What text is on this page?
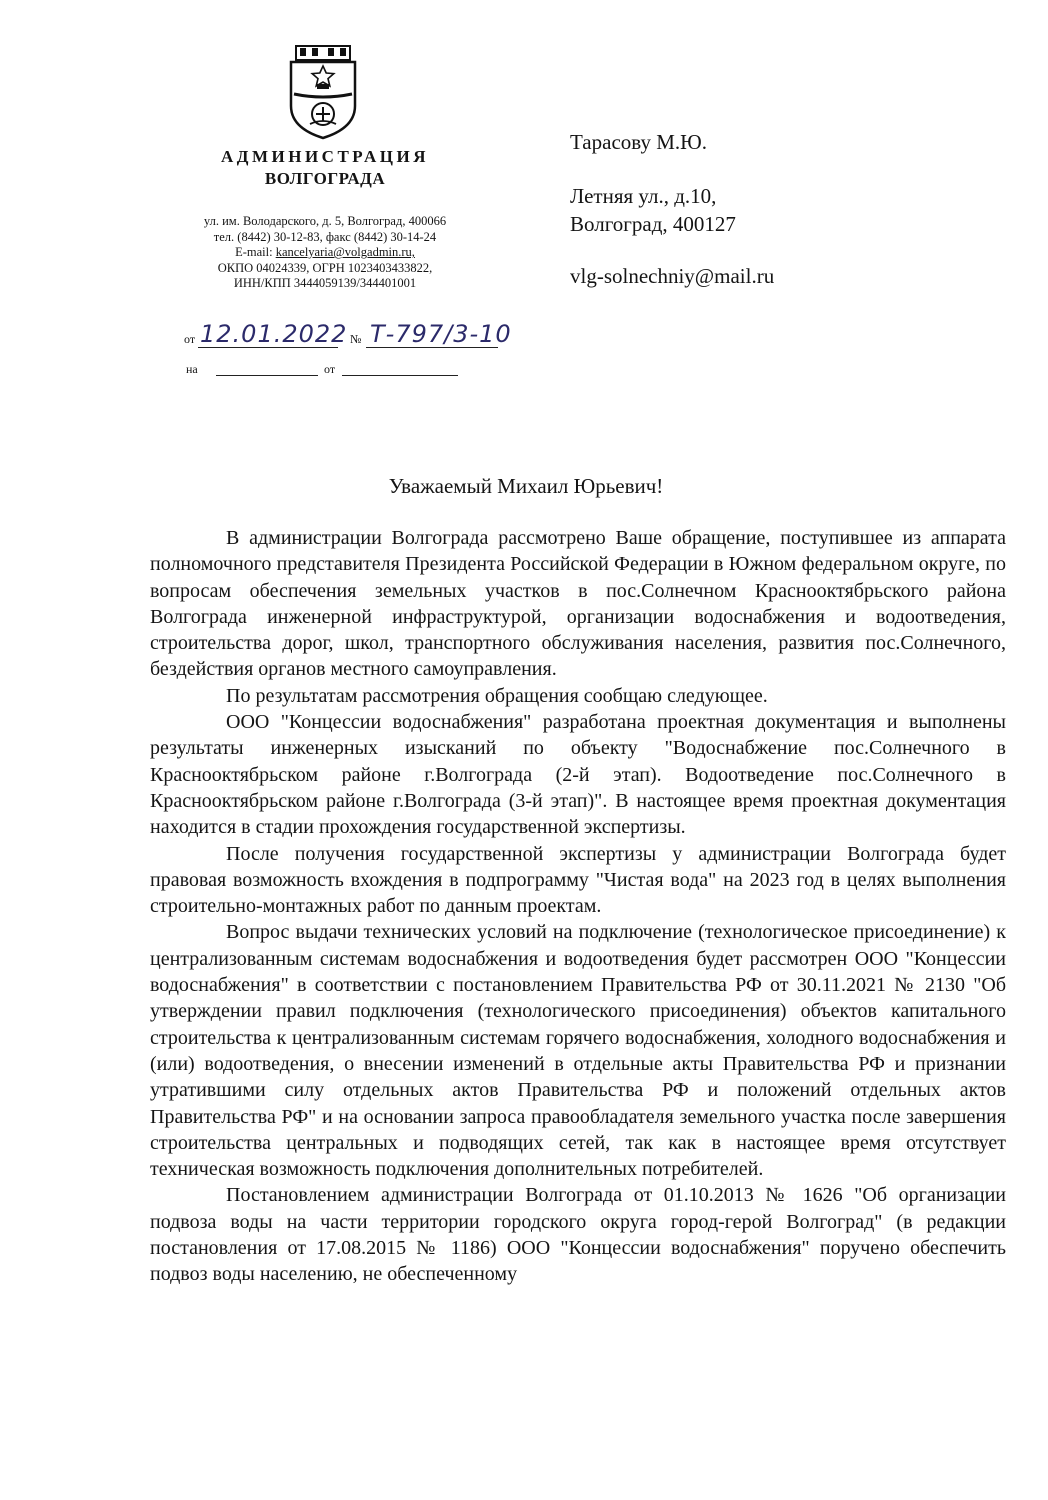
АДМИНИСТРАЦИЯ
ВОЛГОГРАДА
ул. им. Володарского, д. 5, Волгоград, 400066
тел. (8442) 30-12-83, факс (8442) 30-14-24
E-mail: kancelyaria@volgadmin.ru,
ОКПО 04024339, ОГРН 1023403433822,
ИНН/КПП 3444059139/344401001
от 12.01.2022 № Т-797/3-10
на	от
Тарасову М.Ю.
Летняя ул., д.10,
Волгоград, 400127
vlg-solnechniy@mail.ru
Уважаемый Михаил Юрьевич!

В администрации Волгограда рассмотрено Ваше обращение, поступившее из аппарата полномочного представителя Президента Российской Федерации в Южном федеральном округе, по вопросам обеспечения земельных участков в пос.Солнечном Краснооктябрьского района Волгограда инженерной инфраструктурой, организации водоснабжения и водоотведения, строительства дорог, школ, транспортного обслуживания населения, развития пос.Солнечного, бездействия органов местного самоуправления.

По результатам рассмотрения обращения сообщаю следующее.

ООО "Концессии водоснабжения" разработана проектная документация и выполнены результаты инженерных изысканий по объекту "Водоснабжение пос.Солнечного в Краснооктябрьском районе г.Волгограда (2-й этап). Водоотведение пос.Солнечного в Краснооктябрьском районе г.Волгограда (3-й этап)". В настоящее время проектная документация находится в стадии прохождения государственной экспертизы.

После получения государственной экспертизы у администрации Волгограда будет правовая возможность вхождения в подпрограмму "Чистая вода" на 2023 год в целях выполнения строительно-монтажных работ по данным проектам.

Вопрос выдачи технических условий на подключение (технологическое присоединение) к централизованным системам водоснабжения и водоотведения будет рассмотрен ООО "Концессии водоснабжения" в соответствии с постановлением Правительства РФ от 30.11.2021 № 2130 "Об утверждении правил подключения (технологического присоединения) объектов капитального строительства к централизованным системам горячего водоснабжения, холодного водоснабжения и (или) водоотведения, о внесении изменений в отдельные акты Правительства РФ и признании утратившими силу отдельных актов Правительства РФ и положений отдельных актов Правительства РФ" и на основании запроса правообладателя земельного участка после завершения строительства центральных и подводящих сетей, так как в настоящее время отсутствует техническая возможность подключения дополнительных потребителей.

Постановлением администрации Волгограда от 01.10.2013 № 1626 "Об организации подвоза воды на части территории городского округа город-герой Волгоград" (в редакции постановления от 17.08.2015 № 1186) ООО "Концессии водоснабжения" поручено обеспечить подвоз воды населению, не обеспеченному
